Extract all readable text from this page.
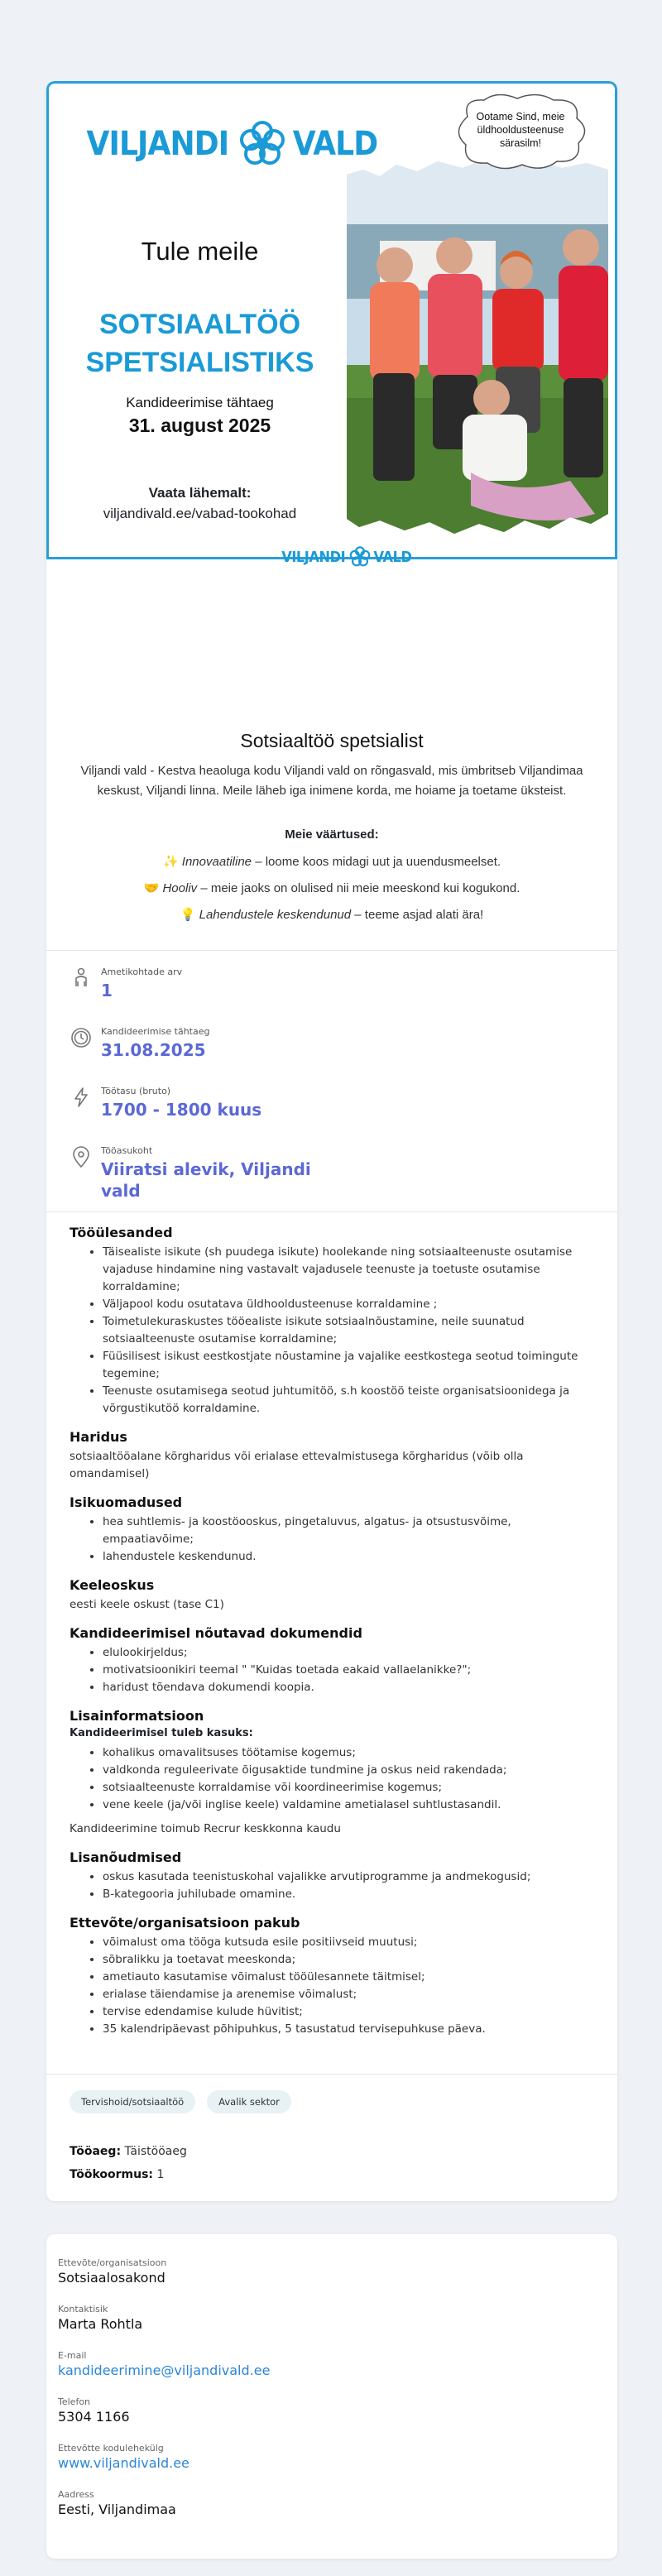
VILJANDI VALD
Tule meile
SOTSIAALTÖÖ
SPETSIALISTIKS
Kandideerimise tähtaeg
31. august 2025
Vaata lähemalt:
viljandivald.ee/vabad-tookohad
Ootame Sind, meie üldhooldusteenuse särasilm!
VILJANDI VALD
Sotsiaaltöö spetsialist
Viljandi vald - Kestva heaoluga kodu Viljandi vald on rõngasvald, mis ümbritseb Viljandimaa keskust, Viljandi linna. Meile läheb iga inimene korda, me hoiame ja toetame üksteist.
Meie väärtused:
✨ Innovaatiline – loome koos midagi uut ja uuendusmeelset.
🤝 Hooliv – meie jaoks on olulised nii meie meeskond kui kogukond.
💡 Lahendustele keskendunud – teeme asjad alati ära!
Ametikohtade arv
1
Kandideerimise tähtaeg
31.08.2025
Töötasu (bruto)
1700 - 1800 kuus
Tööasukoht
Viiratsi alevik, Viljandi
vald
Tööülesanded
• Täisealiste isikute (sh puudega isikute) hoolekande ning sotsiaalteenuste osutamise vajaduse hindamine ning vastavalt vajadusele teenuste ja toetuste osutamise korraldamine;
• Väljapool kodu osutatava üldhooldusteenuse korraldamine ;
• Toimetulekuraskustes tööealiste isikute sotsiaalnõustamine, neile suunatud sotsiaalteenuste osutamise korraldamine;
• Füüsilisest isikust eestkostjate nõustamine ja vajalike eestkostega seotud toimingute tegemine;
• Teenuste osutamisega seotud juhtumitöö, s.h koostöö teiste organisatsioonidega ja võrgustikutöö korraldamine.
Haridus
sotsiaaltööalane kõrgharidus või erialase ettevalmistusega kõrgharidus (võib olla omandamisel)
Isikuomadused
• hea suhtlemis- ja koostöooskus, pingetaluvus, algatus- ja otsustusvõime, empaatiavõime;
• lahendustele keskendunud.
Keeleoskus
eesti keele oskust (tase C1)
Kandideerimisel nõutavad dokumendid
• elulookirjeldus;
• motivatsioonikiri teemal " "Kuidas toetada eakaid vallaelanikke?";
• haridust tõendava dokumendi koopia.
Lisainformatsioon
Kandideerimisel tuleb kasuks:
• kohalikus omavalitsuses töötamise kogemus;
• valdkonda reguleerivate õigusaktide tundmine ja oskus neid rakendada;
• sotsiaalteenuste korraldamise või koordineerimise kogemus;
• vene keele (ja/või inglise keele) valdamine ametialasel suhtlustasandil.
Kandideerimine toimub Recrur keskkonna kaudu
Lisanõudmised
• oskus kasutada teenistuskohal vajalikke arvutiprogramme ja andmekogusid;
• B-kategooria juhilubade omamine.
Ettevõte/organisatsioon pakub
• võimalust oma tööga kutsuda esile positiivseid muutusi;
• sõbralikku ja toetavat meeskonda;
• ametiauto kasutamise võimalust tööülesannete täitmisel;
• erialase täiendamise ja arenemise võimalust;
• tervise edendamise kulude hüvitist;
• 35 kalendripäevast põhipuhkus, 5 tasustatud tervisepuhkuse päeva.
Tervishoid/sotsiaaltöö	Avalik sektor
Tööaeg: Täistööaeg
Töökoormus: 1
Ettevõte/organisatsioon
Sotsiaalosakond
Kontaktisik
Marta Rohtla
E-mail
kandideerimine@viljandivald.ee
Telefon
5304 1166
Ettevõtte kodulehekülg
www.viljandivald.ee
Aadress
Eesti, Viljandimaa
